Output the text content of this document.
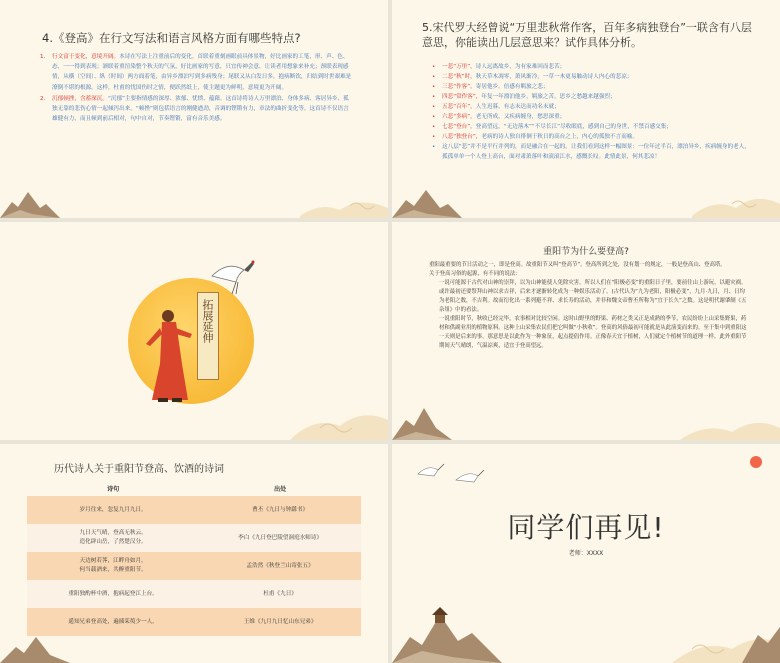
4.《登高》在行文写法和语言风格方面有哪些特点?
1. 行文富于变化，意境开阔。本诗在写法上注重前后的变化。首联着重刻画眼前具体景物，好比画家的工笔，形、声、色、态，一一得到表现；颔联着重渲染整个秋天的气氛，好比画家的写意，只宜传神会意，让读者用想象来补充；颈联表现感情，从横（空间）、纵（时间）两方面着笔，由异乡漂泊写到多病残身；尾联又从白发日多，抱病断饮，归结到时世艰难是潦倒不堪的根源。这样，杜甫的忧国伤时之情，便跃然纸上，使主题更为鲜明，意境更为开阔。
2. 沉郁顿挫，含蓄深沉。“沉郁”主要指情感的深厚、浓郁、忧愤、蕴藉。这首诗将诗人万里漂泊、身体多病、客居异乡、孤独无靠的悲伤心情一起倾泻出来。“顿挫”则包括语言的刚健遒劲，音调的铿锵有力，章法的曲折变化等。这首诗不仅语言雄健有力，而且顿到前后相对，句中自对，节奏铿锵，富有音乐美感。
5.宋代罗大经曾说“万里悲秋常作客，百年多病独登台”一联含有八层意思，你能读出几层意思来？试作具体分析。
• 一悲“万里”，诗人远离故乡，为有家难回而悲苦；
• 二悲“秋”时，秋天草木凋零，萧风渐冷，一草一木更易触动诗人内心的悲凉；
• 三悲“作客”，寄居他乡，倍感有羁旅之悲；
• 四悲“常作客”，年复一年漂泊他乡，羁旅之苦，思乡之愁越来越强烈；
• 五悲“百年”，人生迟暮，有志未达而功名未就；
• 六悲“多病”，老无所成，又疾病缠身，愁思深重；
• 七悲“登台”，登高望远，“无边落木”“不尽长江”尽收眼底，感到自己的身世，不禁百感交集；
• 八悲“独登台”，老病的诗人独自徘徊于秋日的高台之上，内心的孤独不言而喻。
• 这八层“悲”并不是平行并列的，而是融合在一起的。让我们看到这样一幅图景：一位年过半百，漂泊异乡，疾病缠身的老人，孤孤单单一个人登上高台，面对肃萧落叶和滚滚江水，感慨长叹。此情此景，何其悲凉！
拓展延伸
重阳节为什么要登高?

重阳最重要的节日活动之一，即是登高。故重阳节又叫“登高节”。登高所到之处，没有划一的规定，一般是登高山、登高塔。

关于登高习俗的起源，有不同的说法：

一说可能源于古代对山神的崇拜，以为山神能使人免除灾害。所以人们在“阳极必变”的重阳日子里，要前往山上游玩，以避灾祸。或许最初还要祭拜山神以求吉祥，后来才逐渐转化成为一种娱乐活动了。(古代认为“九为老阳，阳极必变”，九月·九日，月、日均为老阳之数，不吉利。故而衍化出一系列避不祥、求长寿的活动，并非和魏文帝曹丕所称为“宜于长久”之数。这是明代谢肇制《五杂俎》中的看法。

一说重阳时节，秋收已经完毕，农事相对比较空闲。这时山野里的野果、药材之类又正是成熟的季节，农民纷纷上山采集野果，药材和供副业用的植物原料。这种上山采集农民们把它叫做“小秋收”。登高的风俗最初可能就是从此演变而来的。至于集中到重阳这一天则是后来的事。那意思是以此作为一种象征，起点提倡作用。正像春天宜于植树，人们就定个植树节的道理一样。此外重阳节期间天气晴朗，气温凉爽，适宜于登高望远。

历代诗人关于重阳节登高、饮酒的诗词
诗句	出处
岁月往来，忽复九月九日。	曹丕《九日与钟繇书》
九日天气晴，登高无秋云。
造化辟山岳，了然楚汉分。	李白《九日登巴陵望洞庭水师诗》
天边树若荠，江畔舟如月。
何当载酒来，共醉重阳节。	孟浩然《秋登兰山寄张五》
重阳独酌杯中酒，抱病起登江上台。	杜甫《九日》
遥知兄弟登高处，遍插茱萸少一人。	王维《九月九日忆山东兄弟》
同学们再见!
老师：XXXX
